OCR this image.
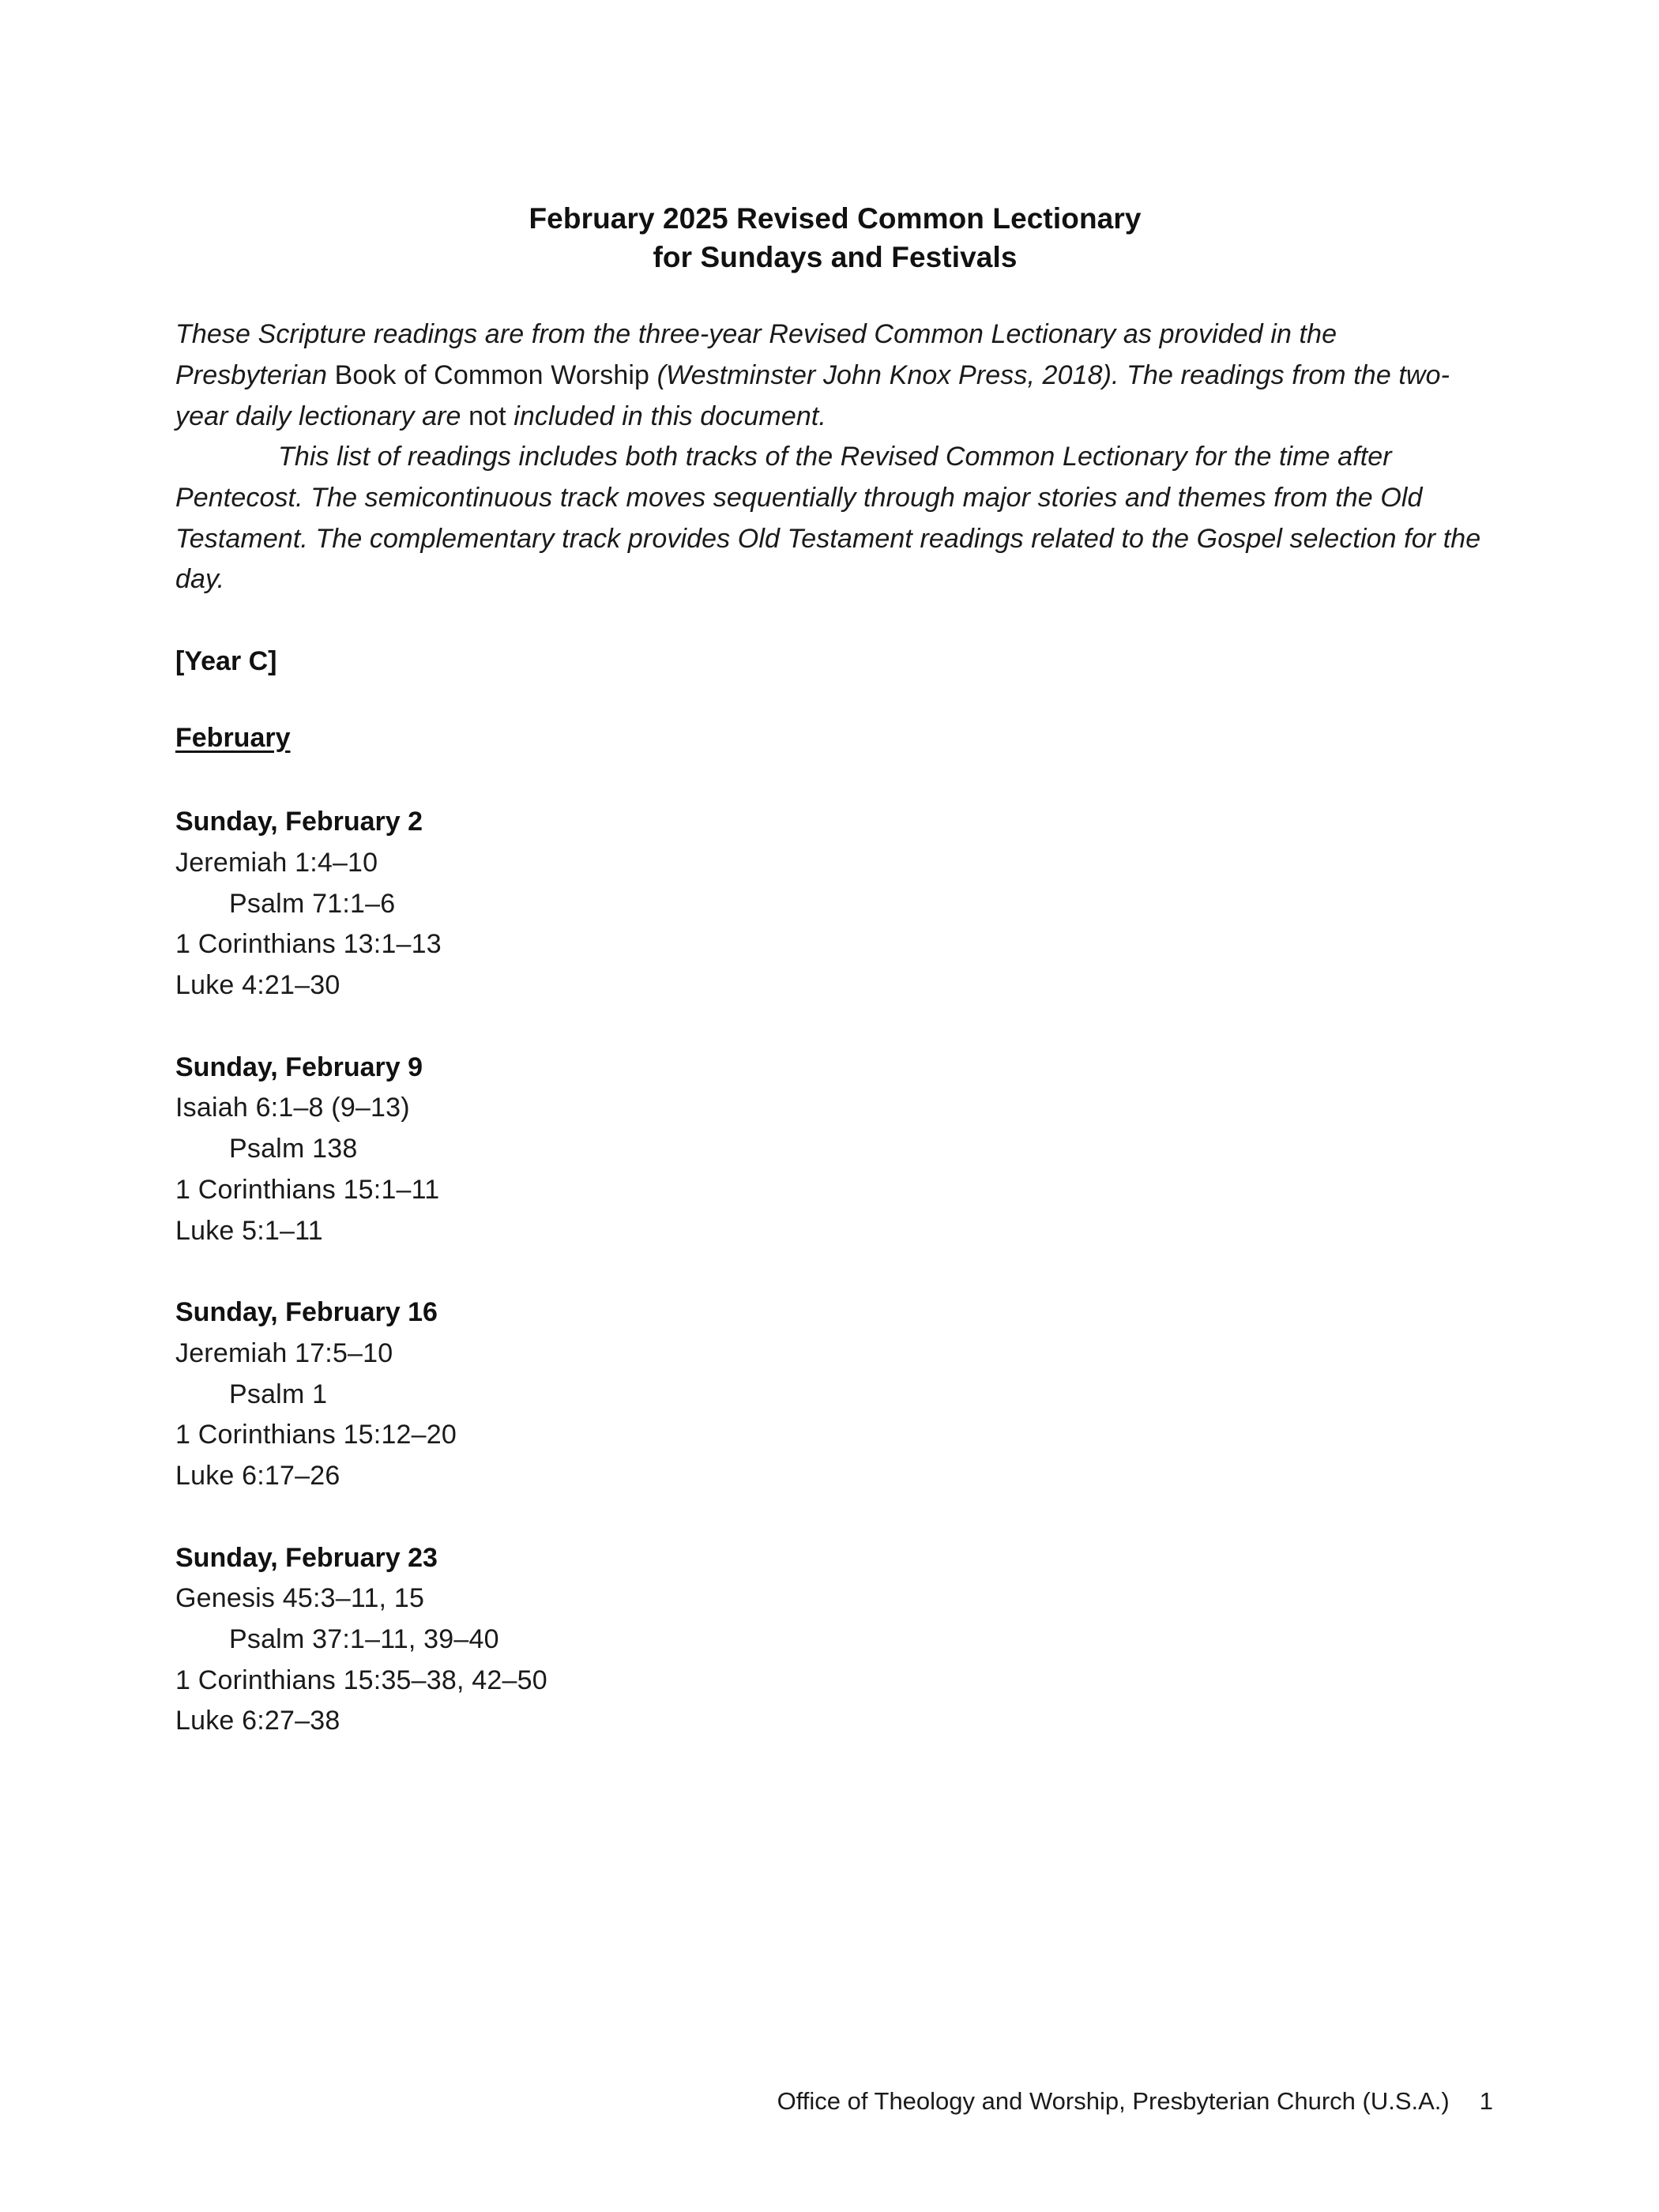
February 2025 Revised Common Lectionary
for Sundays and Festivals

These Scripture readings are from the three-year Revised Common Lectionary as provided in the Presbyterian Book of Common Worship (Westminster John Knox Press, 2018). The readings from the two-year daily lectionary are not included in this document.

This list of readings includes both tracks of the Revised Common Lectionary for the time after Pentecost. The semicontinuous track moves sequentially through major stories and themes from the Old Testament. The complementary track provides Old Testament readings related to the Gospel selection for the day.

[Year C]

February

Sunday, February 2
Jeremiah 1:4–10
Psalm 71:1–6
1 Corinthians 13:1–13
Luke 4:21–30
Sunday, February 9
Isaiah 6:1–8 (9–13)
Psalm 138
1 Corinthians 15:1–11
Luke 5:1–11
Sunday, February 16
Jeremiah 17:5–10
Psalm 1
1 Corinthians 15:12–20
Luke 6:17–26
Sunday, February 23
Genesis 45:3–11, 15
Psalm 37:1–11, 39–40
1 Corinthians 15:35–38, 42–50
Luke 6:27–38
Office of Theology and Worship, Presbyterian Church (U.S.A.) 1
